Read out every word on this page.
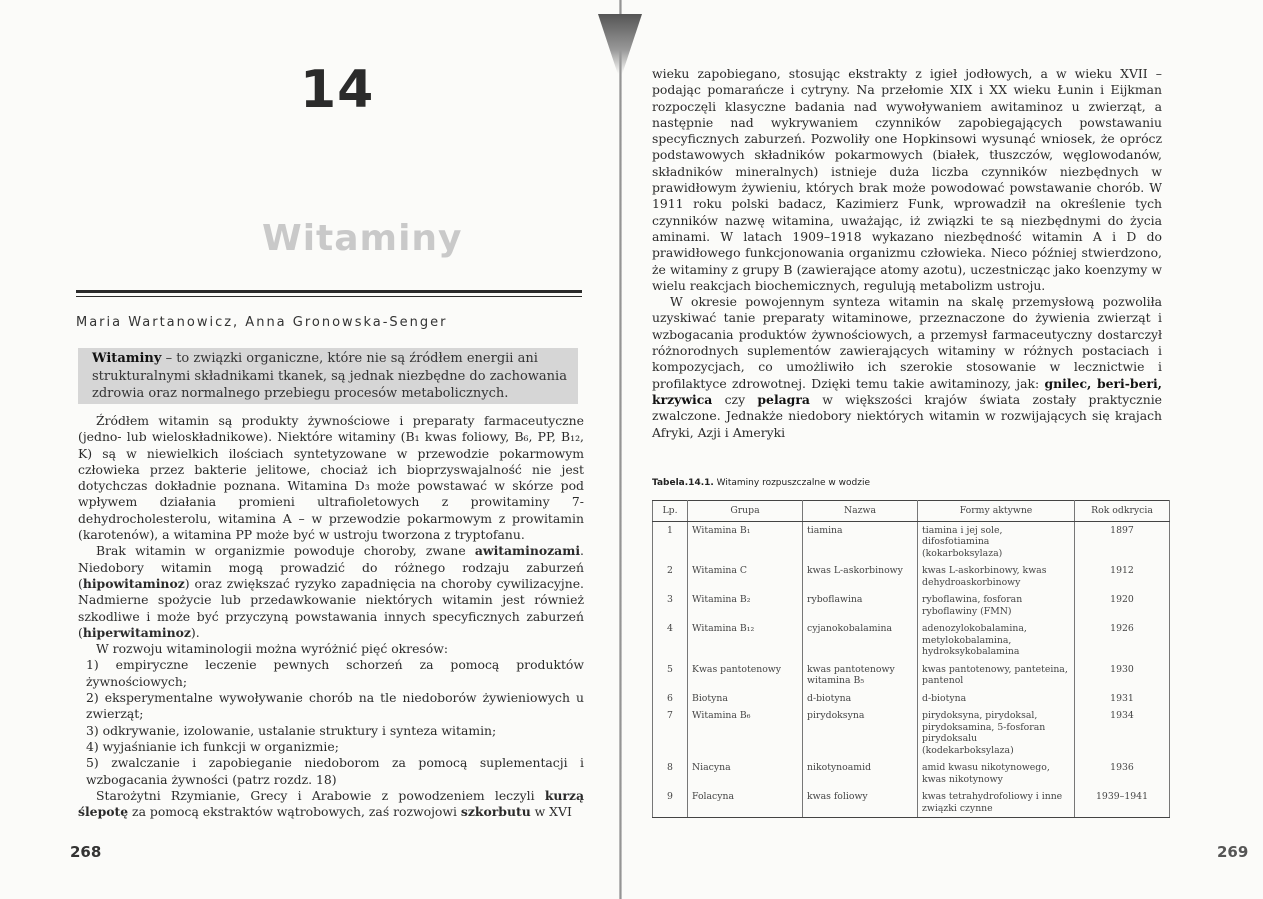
14
Witaminy
Maria Wartanowicz, Anna Gronowska-Senger
Witaminy – to związki organiczne, które nie są źródłem energii ani strukturalnymi składnikami tkanek, są jednak niezbędne do zachowania zdrowia oraz normalnego przebiegu procesów metabolicznych.

Źródłem witamin są produkty żywnościowe i preparaty farmaceutyczne (jedno- lub wieloskładnikowe). Niektóre witaminy (B₁ kwas foliowy, B₆, PP, B₁₂, K) są w niewielkich ilościach syntetyzowane w przewodzie pokarmowym człowieka przez bakterie jelitowe, chociaż ich bioprzyswajalność nie jest dotychczas dokładnie poznana. Witamina D₃ może powstawać w skórze pod wpływem działania promieni ultrafioletowych z prowitaminy 7-dehydrocholesterolu, witamina A – w przewodzie pokarmowym z prowitamin (karotenów), a witamina PP może być w ustroju tworzona z tryptofanu.

Brak witamin w organizmie powoduje choroby, zwane awitaminozami. Niedobory witamin mogą prowadzić do różnego rodzaju zaburzeń (hipowitaminoz) oraz zwiększać ryzyko zapadnięcia na choroby cywilizacyjne. Nadmierne spożycie lub przedawkowanie niektórych witamin jest również szkodliwe i może być przyczyną powstawania innych specyficznych zaburzeń (hiperwitaminoz).

W rozwoju witaminologii można wyróżnić pięć okresów:

1) empiryczne leczenie pewnych schorzeń za pomocą produktów żywnościowych;

2) eksperymentalne wywoływanie chorób na tle niedoborów żywieniowych u zwierząt;

3) odkrywanie, izolowanie, ustalanie struktury i synteza witamin;

4) wyjaśnianie ich funkcji w organizmie;

5) zwalczanie i zapobieganie niedoborom za pomocą suplementacji i wzbogacania żywności (patrz rozdz. 18)

Starożytni Rzymianie, Grecy i Arabowie z powodzeniem leczyli kurzą ślepotę za pomocą ekstraktów wątrobowych, zaś rozwojowi szkorbutu w XVI

268

wieku zapobiegano, stosując ekstrakty z igieł jodłowych, a w wieku XVII – podając pomarańcze i cytryny. Na przełomie XIX i XX wieku Łunin i Eijkman rozpoczęli klasyczne badania nad wywoływaniem awitaminoz u zwierząt, a następnie nad wykrywaniem czynników zapobiegających powstawaniu specyficznych zaburzeń. Pozwoliły one Hopkinsowi wysunąć wniosek, że oprócz podstawowych składników pokarmowych (białek, tłuszczów, węglowodanów, składników mineralnych) istnieje duża liczba czynników niezbędnych w prawidłowym żywieniu, których brak może powodować powstawanie chorób. W 1911 roku polski badacz, Kazimierz Funk, wprowadził na określenie tych czynników nazwę witamina, uważając, iż związki te są niezbędnymi do życia aminami. W latach 1909–1918 wykazano niezbędność witamin A i D do prawidłowego funkcjonowania organizmu człowieka. Nieco później stwierdzono, że witaminy z grupy B (zawierające atomy azotu), uczestnicząc jako koenzymy w wielu reakcjach biochemicznych, regulują metabolizm ustroju.

W okresie powojennym synteza witamin na skalę przemysłową pozwoliła uzyskiwać tanie preparaty witaminowe, przeznaczone do żywienia zwierząt i wzbogacania produktów żywnościowych, a przemysł farmaceutyczny dostarczył różnorodnych suplementów zawierających witaminy w różnych postaciach i kompozycjach, co umożliwiło ich szerokie stosowanie w lecznictwie i profilaktyce zdrowotnej. Dzięki temu takie awitaminozy, jak: gnilec, beri-beri, krzywica czy pelagra w większości krajów świata zostały praktycznie zwalczone. Jednakże niedobory niektórych witamin w rozwijających się krajach Afryki, Azji i Ameryki

Tabela.14.1. Witaminy rozpuszczalne w wodzie
Lp.	Grupa	Nazwa	Formy aktywne	Rok odkrycia
1	Witamina B₁	tiamina	tiamina i jej sole, difosfotiamina (kokarboksylaza)	1897
2	Witamina C	kwas L-askorbinowy	kwas L-askorbinowy, kwas dehydroaskorbinowy	1912
3	Witamina B₂	ryboflawina	ryboflawina, fosforan ryboflawiny (FMN)	1920
4	Witamina B₁₂	cyjanokobalamina	adenozylokobalamina, metylokobalamina, hydroksykobalamina	1926
5	Kwas pantotenowy	kwas pantotenowy witamina B₅	kwas pantotenowy, panteteina, pantenol	1930
6	Biotyna	d-biotyna	d-biotyna	1931
7	Witamina B₆	pirydoksyna	pirydoksyna, pirydoksal, pirydoksamina, 5-fosforan pirydoksalu (kodekarboksylaza)	1934
8	Niacyna	nikotynoamid	amid kwasu nikotynowego, kwas nikotynowy	1936
9	Folacyna	kwas foliowy	kwas tetrahydrofoliowy i inne związki czynne	1939–1941
269
